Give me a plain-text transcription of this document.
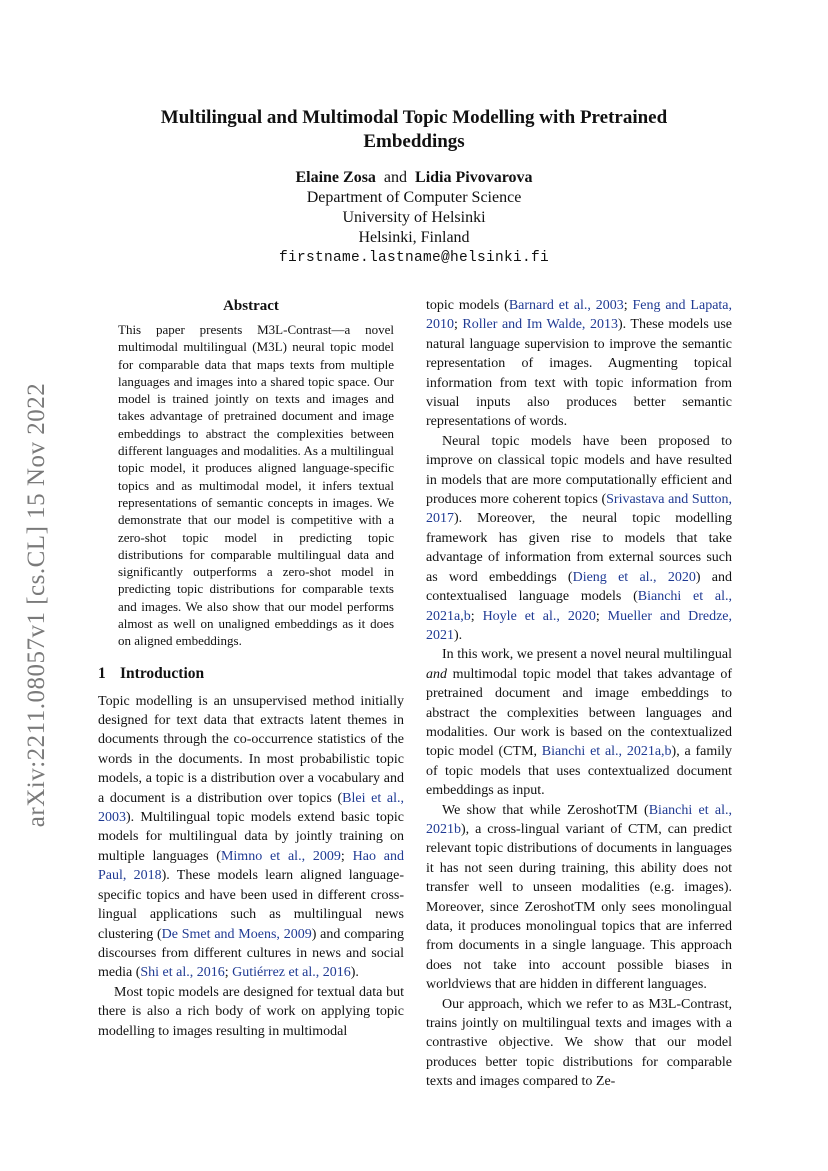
Multilingual and Multimodal Topic Modelling with Pretrained Embeddings
Elaine Zosa and Lidia Pivovarova
Department of Computer Science
University of Helsinki
Helsinki, Finland
firstname.lastname@helsinki.fi
arXiv:2211.08057v1 [cs.CL] 15 Nov 2022
Abstract
This paper presents M3L-Contrast—a novel multimodal multilingual (M3L) neural topic model for comparable data that maps texts from multiple languages and images into a shared topic space. Our model is trained jointly on texts and images and takes advantage of pretrained document and image embeddings to abstract the complexities between different languages and modalities. As a multilingual topic model, it produces aligned language-specific topics and as multimodal model, it infers textual representations of semantic concepts in images. We demonstrate that our model is competitive with a zero-shot topic model in predicting topic distributions for comparable multilingual data and significantly outperforms a zero-shot model in predicting topic distributions for comparable texts and images. We also show that our model performs almost as well on unaligned embeddings as it does on aligned embeddings.
1 Introduction

Topic modelling is an unsupervised method initially designed for text data that extracts latent themes in documents through the co-occurrence statistics of the words in the documents. In most probabilistic topic models, a topic is a distribution over a vocabulary and a document is a distribution over topics (Blei et al., 2003). Multilingual topic models extend basic topic models for multilingual data by jointly training on multiple languages (Mimno et al., 2009; Hao and Paul, 2018). These models learn aligned language-specific topics and have been used in different cross-lingual applications such as multilingual news clustering (De Smet and Moens, 2009) and comparing discourses from different cultures in news and social media (Shi et al., 2016; Gutiérrez et al., 2016).

Most topic models are designed for textual data but there is also a rich body of work on applying topic modelling to images resulting in multimodal

topic models (Barnard et al., 2003; Feng and Lapata, 2010; Roller and Im Walde, 2013). These models use natural language supervision to improve the semantic representation of images. Augmenting topical information from text with topic information from visual inputs also produces better semantic representations of words.

Neural topic models have been proposed to improve on classical topic models and have resulted in models that are more computationally efficient and produces more coherent topics (Srivastava and Sutton, 2017). Moreover, the neural topic modelling framework has given rise to models that take advantage of information from external sources such as word embeddings (Dieng et al., 2020) and contextualised language models (Bianchi et al., 2021a,b; Hoyle et al., 2020; Mueller and Dredze, 2021).

In this work, we present a novel neural multilingual and multimodal topic model that takes advantage of pretrained document and image embeddings to abstract the complexities between languages and modalities. Our work is based on the contextualized topic model (CTM, Bianchi et al., 2021a,b), a family of topic models that uses contextualized document embeddings as input.

We show that while ZeroshotTM (Bianchi et al., 2021b), a cross-lingual variant of CTM, can predict relevant topic distributions of documents in languages it has not seen during training, this ability does not transfer well to unseen modalities (e.g. images). Moreover, since ZeroshotTM only sees monolingual data, it produces monolingual topics that are inferred from documents in a single language. This approach does not take into account possible biases in worldviews that are hidden in different languages.

Our approach, which we refer to as M3L-Contrast, trains jointly on multilingual texts and images with a contrastive objective. We show that our model produces better topic distributions for comparable texts and images compared to Ze-
